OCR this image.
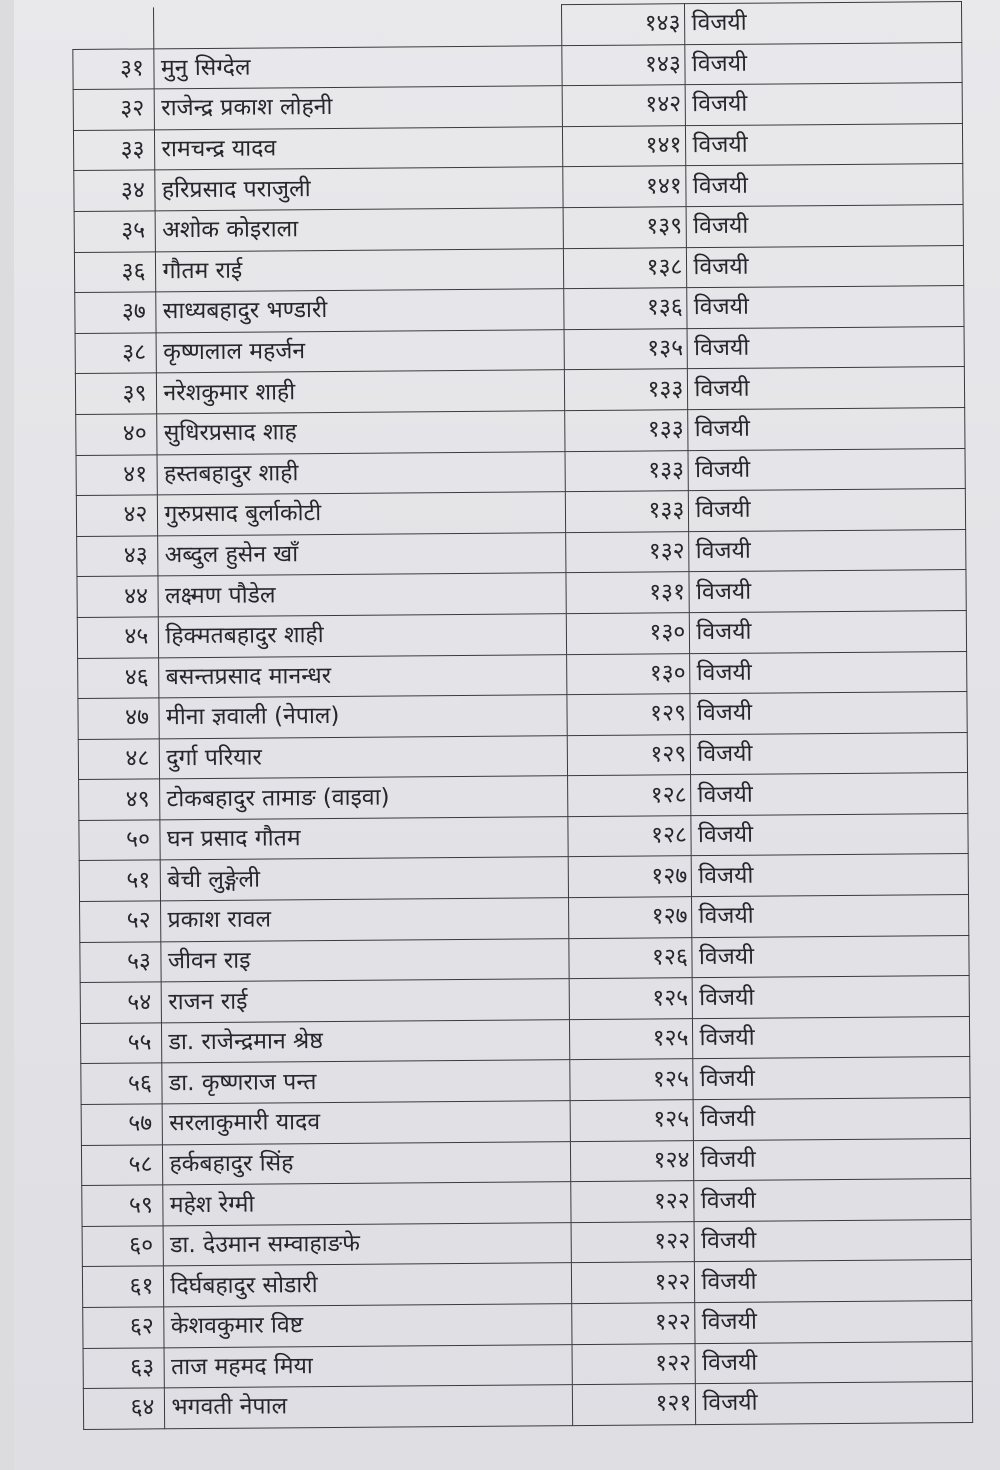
		१४३	विजयी
३१	मुनु सिग्देल	१४३	विजयी
३२	राजेन्द्र प्रकाश लोहनी	१४२	विजयी
३३	रामचन्द्र यादव	१४१	विजयी
३४	हरिप्रसाद पराजुली	१४१	विजयी
३५	अशोक कोइराला	१३९	विजयी
३६	गौतम राई	१३८	विजयी
३७	साध्यबहादुर भण्डारी	१३६	विजयी
३८	कृष्णलाल महर्जन	१३५	विजयी
३९	नरेशकुमार शाही	१३३	विजयी
४०	सुधिरप्रसाद शाह	१३३	विजयी
४१	हस्तबहादुर शाही	१३३	विजयी
४२	गुरुप्रसाद बुर्लाकोटी	१३३	विजयी
४३	अब्दुल हुसेन खाँ	१३२	विजयी
४४	लक्ष्मण पौडेल	१३१	विजयी
४५	हिक्मतबहादुर शाही	१३०	विजयी
४६	बसन्तप्रसाद मानन्धर	१३०	विजयी
४७	मीना ज्ञवाली (नेपाल)	१२९	विजयी
४८	दुर्गा परियार	१२९	विजयी
४९	टोकबहादुर तामाङ (वाइवा)	१२८	विजयी
५०	घन प्रसाद गौतम	१२८	विजयी
५१	बेची लुङ्गेली	१२७	विजयी
५२	प्रकाश रावल	१२७	विजयी
५३	जीवन राइ	१२६	विजयी
५४	राजन राई	१२५	विजयी
५५	डा. राजेन्द्रमान श्रेष्ठ	१२५	विजयी
५६	डा. कृष्णराज पन्त	१२५	विजयी
५७	सरलाकुमारी यादव	१२५	विजयी
५८	हर्कबहादुर सिंह	१२४	विजयी
५९	महेश रेग्मी	१२२	विजयी
६०	डा. देउमान सम्वाहाङफे	१२२	विजयी
६१	दिर्घबहादुर सोडारी	१२२	विजयी
६२	केशवकुमार विष्ट	१२२	विजयी
६३	ताज महमद मिया	१२२	विजयी
६४	भगवती नेपाल	१२१	विजयी
